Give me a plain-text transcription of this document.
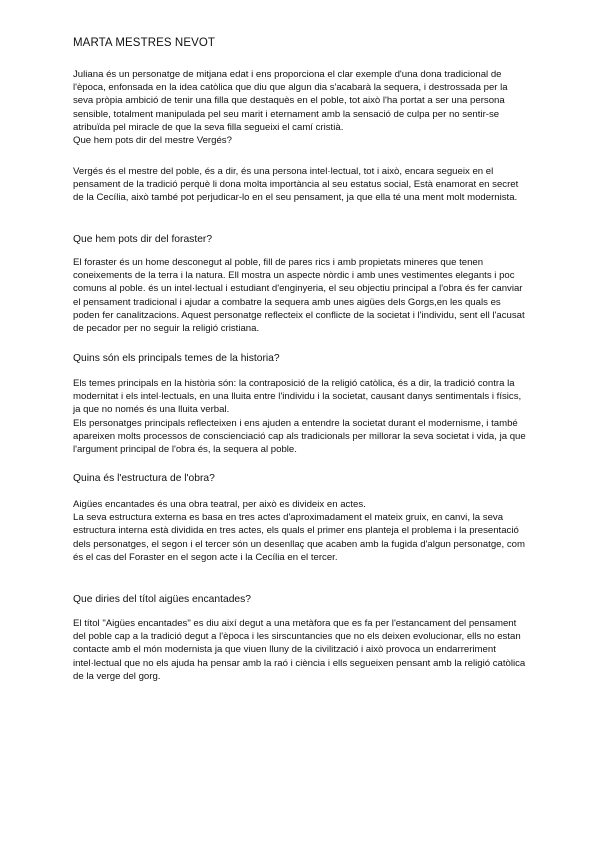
MARTA MESTRES NEVOT

Juliana és un personatge de mitjana edat i ens proporciona el clar exemple d'una dona tradicional de l'època, enfonsada en la idea catòlica que diu que algun dia s'acabarà la sequera, i destrossada per la seva pròpia ambició de tenir una filla que destaquès en el poble, tot això l'ha portat a ser una persona sensible, totalment manipulada pel seu marit i eternament amb la sensació de culpa per no sentir-se atribuïda pel miracle de que la seva filla segueixi el camí cristià.

Que hem pots dir del mestre Vergés?

Vergés és el mestre del poble, és a dir, és una persona intel·lectual, tot i això, encara segueix en el pensament de la tradició perquè li dona molta importància al seu estatus social, Està enamorat en secret de la Cecília, això també pot perjudicar-lo en el seu pensament, ja que ella té una ment molt modernista.

Que hem pots dir del foraster?

El foraster és un home desconegut al poble, fill de pares rics i amb propietats mineres que tenen coneixements de la terra i la natura. Ell mostra un aspecte nòrdic i amb unes vestimentes elegants i poc comuns al poble. és un intel·lectual i estudiant d'enginyeria, el seu objectiu principal a l'obra és fer canviar el pensament tradicional i ajudar a combatre la sequera amb unes aigües dels Gorgs,en les quals es poden fer canalitzacions. Aquest personatge reflecteix el conflicte de la societat i l'individu, sent ell l'acusat de pecador per no seguir la religió cristiana.

Quins són els principals temes de la historia?

Els temes principals en la història són: la contraposició de la religió catòlica, és a dir, la tradició contra la modernitat i els intel·lectuals, en una lluita entre l'individu i la societat, causant danys sentimentals i físics, ja que no només és una lluita verbal.

Els personatges principals reflecteixen i ens ajuden a entendre la societat durant el modernisme, i també apareixen molts processos de conscienciació cap als tradicionals per millorar la seva societat i vida, ja que l'argument principal de l'obra és, la sequera al poble.

Quina és l'estructura de l'obra?

Aigües encantades és una obra teatral, per això es divideix en actes.

La seva estructura externa es basa en tres actes d'aproximadament el mateix gruix, en canvi, la seva estructura interna està dividida en tres actes, els quals el primer ens planteja el problema i la presentació dels personatges, el segon i el tercer són un desenllaç que acaben amb la fugida d'algun personatge, com és el cas del Foraster en el segon acte i la Cecília en el tercer.

Que diries del títol aigües encantades?

El títol "Aigües encantades" es diu així degut a una metàfora que es fa per l'estancament del pensament del poble cap a la tradició degut a l'època i les sirscuntancies que no els deixen evolucionar, ells no estan contacte amb el món modernista ja que viuen lluny de la civilització i això provoca un endarreriment intel·lectual que no els ajuda ha pensar amb la raó i ciència i ells segueixen pensant amb la religió catòlica de la verge del gorg.
